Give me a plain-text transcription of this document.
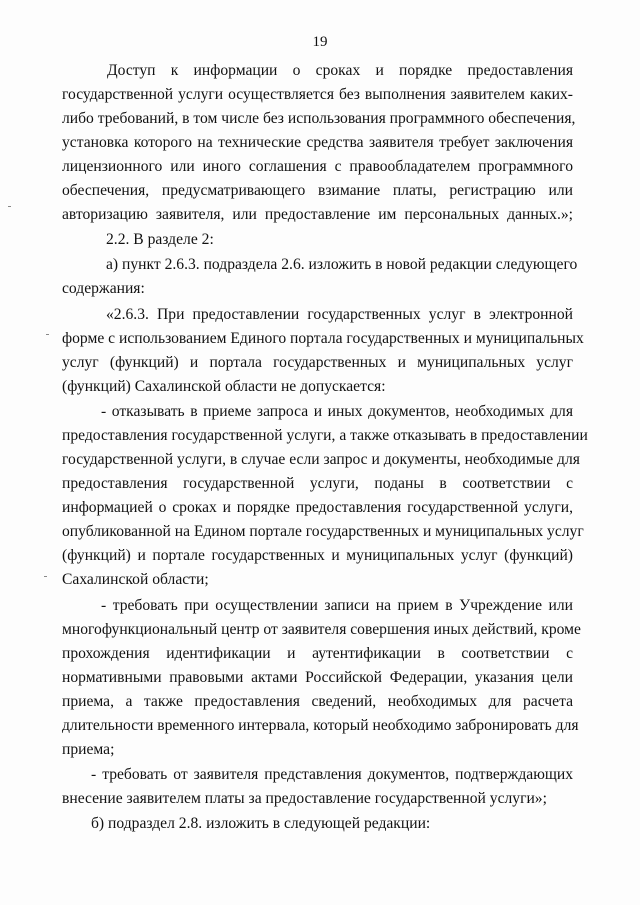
19
Доступ к информации о сроках и порядке предоставления
государственной услуги осуществляется без выполнения заявителем каких-
либо требований, в том числе без использования программного обеспечения,
установка которого на технические средства заявителя требует заключения
лицензионного или иного соглашения с правообладателем программного
обеспечения, предусматривающего взимание платы, регистрацию или
авторизацию заявителя, или предоставление им персональных данных.»;
2.2. В разделе 2:
а) пункт 2.6.3. подраздела 2.6. изложить в новой редакции следующего
содержания:
«2.6.3. При предоставлении государственных услуг в электронной
форме с использованием Единого портала государственных и муниципальных
услуг (функций) и портала государственных и муниципальных услуг
(функций) Сахалинской области не допускается:
- отказывать в приеме запроса и иных документов, необходимых для
предоставления государственной услуги, а также отказывать в предоставлении
государственной услуги, в случае если запрос и документы, необходимые для
предоставления государственной услуги, поданы в соответствии с
информацией о сроках и порядке предоставления государственной услуги,
опубликованной на Едином портале государственных и муниципальных услуг
(функций) и портале государственных и муниципальных услуг (функций)
Сахалинской области;
- требовать при осуществлении записи на прием в Учреждение или
многофункциональный центр от заявителя совершения иных действий, кроме
прохождения идентификации и аутентификации в соответствии с
нормативными правовыми актами Российской Федерации, указания цели
приема, а также предоставления сведений, необходимых для расчета
длительности временного интервала, который необходимо забронировать для
приема;
- требовать от заявителя представления документов, подтверждающих
внесение заявителем платы за предоставление государственной услуги»;
б) подраздел 2.8. изложить в следующей редакции:
